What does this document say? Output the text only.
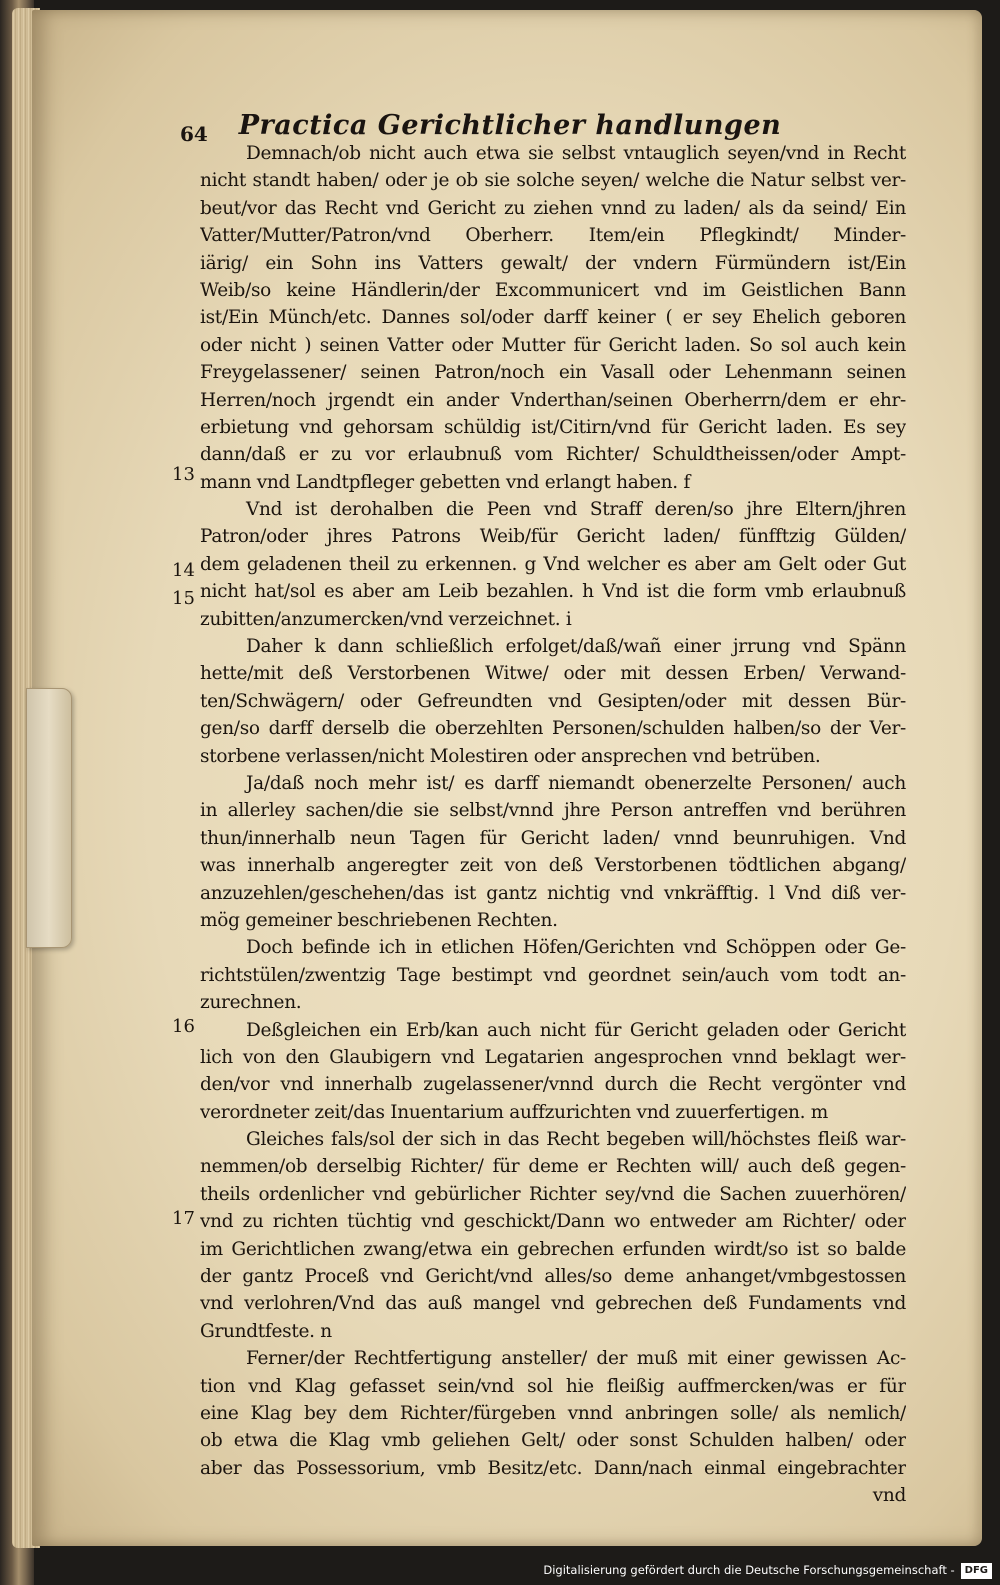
64	Practica Gerichtlicher handlungen
13
14
15
16
17
Demnach/ob nicht auch etwa sie selbst vntauglich seyen/vnd in Recht
nicht standt haben/ oder je ob sie solche seyen/ welche die Natur selbst ver-
beut/vor das Recht vnd Gericht zu ziehen vnnd zu laden/ als da seind/ Ein
Vatter/Mutter/Patron/vnd Oberherr. Item/ein Pflegkindt/ Minder-
iärig/ ein Sohn ins Vatters gewalt/ der vndern Fürmündern ist/Ein
Weib/so keine Händlerin/der Excommunicert vnd im Geistlichen Bann
ist/Ein Münch/etc. Dannes sol/oder darff keiner ( er sey Ehelich geboren
oder nicht ) seinen Vatter oder Mutter für Gericht laden. So sol auch kein
Freygelassener/ seinen Patron/noch ein Vasall oder Lehenmann seinen
Herren/noch jrgendt ein ander Vnderthan/seinen Oberherrn/dem er ehr-
erbietung vnd gehorsam schüldig ist/Citirn/vnd für Gericht laden. Es sey
dann/daß er zu vor erlaubnuß vom Richter/ Schuldtheissen/oder Ampt-
mann vnd Landtpfleger gebetten vnd erlangt haben. f
Vnd ist derohalben die Peen vnd Straff deren/so jhre Eltern/jhren
Patron/oder jhres Patrons Weib/für Gericht laden/ fünfftzig Gülden/
dem geladenen theil zu erkennen. g Vnd welcher es aber am Gelt oder Gut
nicht hat/sol es aber am Leib bezahlen. h Vnd ist die form vmb erlaubnuß
zubitten/anzumercken/vnd verzeichnet. i
Daher k dann schließlich erfolget/daß/wañ einer jrrung vnd Spänn
hette/mit deß Verstorbenen Witwe/ oder mit dessen Erben/ Verwand-
ten/Schwägern/ oder Gefreundten vnd Gesipten/oder mit dessen Bür-
gen/so darff derselb die oberzehlten Personen/schulden halben/so der Ver-
storbene verlassen/nicht Molestiren oder ansprechen vnd betrüben.
Ja/daß noch mehr ist/ es darff niemandt obenerzelte Personen/ auch
in allerley sachen/die sie selbst/vnnd jhre Person antreffen vnd berühren
thun/innerhalb neun Tagen für Gericht laden/ vnnd beunruhigen. Vnd
was innerhalb angeregter zeit von deß Verstorbenen tödtlichen abgang/
anzuzehlen/geschehen/das ist gantz nichtig vnd vnkräfftig. l Vnd diß ver-
mög gemeiner beschriebenen Rechten.
Doch befinde ich in etlichen Höfen/Gerichten vnd Schöppen oder Ge-
richtstülen/zwentzig Tage bestimpt vnd geordnet sein/auch vom todt an-
zurechnen.
Deßgleichen ein Erb/kan auch nicht für Gericht geladen oder Gericht
lich von den Glaubigern vnd Legatarien angesprochen vnnd beklagt wer-
den/vor vnd innerhalb zugelassener/vnnd durch die Recht vergönter vnd
verordneter zeit/das Inuentarium auffzurichten vnd zuuerfertigen. m
Gleiches fals/sol der sich in das Recht begeben will/höchstes fleiß war-
nemmen/ob derselbig Richter/ für deme er Rechten will/ auch deß gegen-
theils ordenlicher vnd gebürlicher Richter sey/vnd die Sachen zuuerhören/
vnd zu richten tüchtig vnd geschickt/Dann wo entweder am Richter/ oder
im Gerichtlichen zwang/etwa ein gebrechen erfunden wirdt/so ist so balde
der gantz Proceß vnd Gericht/vnd alles/so deme anhanget/vmbgestossen
vnd verlohren/Vnd das auß mangel vnd gebrechen deß Fundaments vnd
Grundtfeste. n
Ferner/der Rechtfertigung ansteller/ der muß mit einer gewissen Ac-
tion vnd Klag gefasset sein/vnd sol hie fleißig auffmercken/was er für
eine Klag bey dem Richter/fürgeben vnnd anbringen solle/ als nemlich/
ob etwa die Klag vmb geliehen Gelt/ oder sonst Schulden halben/ oder
aber das Possessorium, vmb Besitz/etc. Dann/nach einmal eingebrachter
vnd
Digitalisierung gefördert durch die Deutsche Forschungsgemeinschaft - DFG
